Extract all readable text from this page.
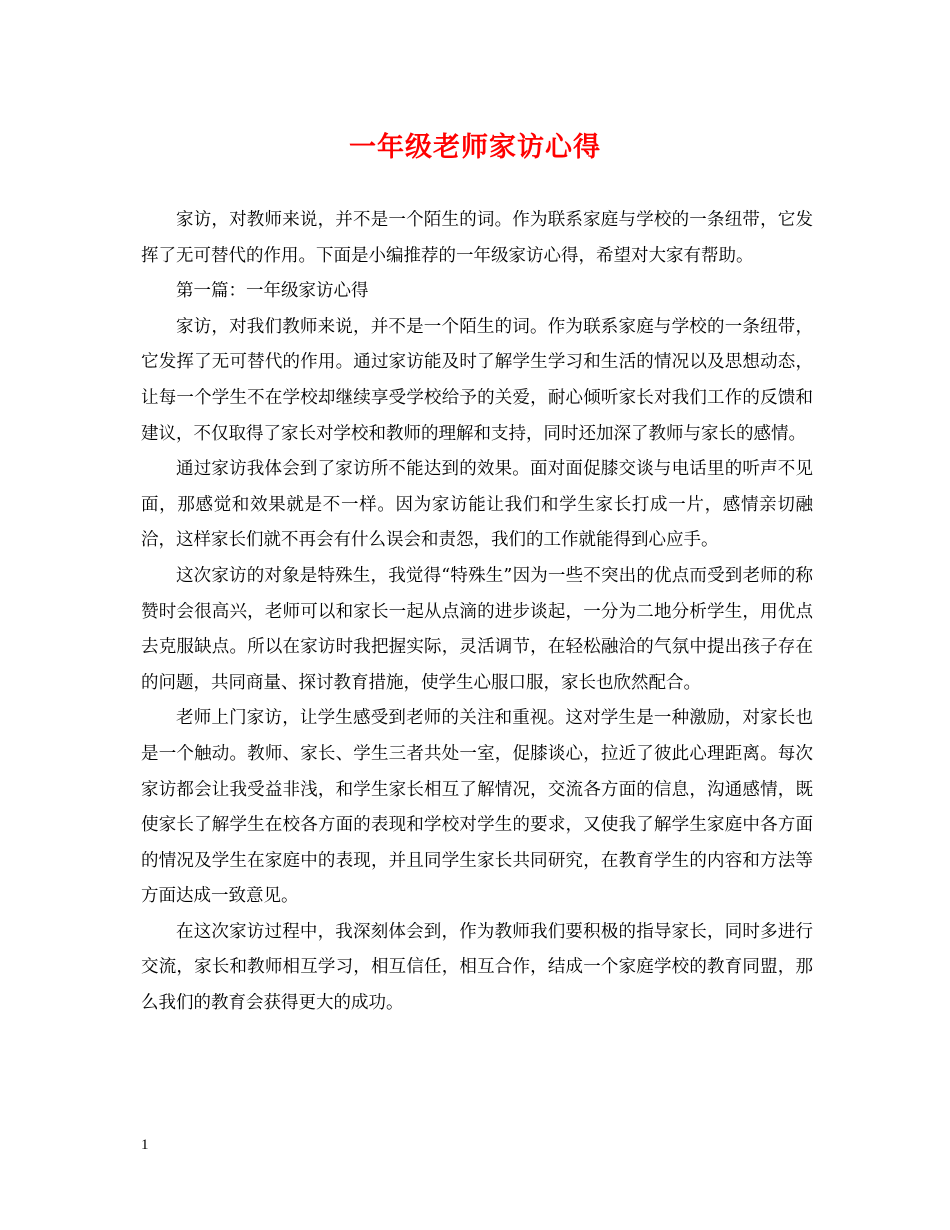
一年级老师家访心得

家访，对教师来说，并不是一个陌生的词。作为联系家庭与学校的一条纽带，它发挥了无可替代的作用。下面是小编推荐的一年级家访心得，希望对大家有帮助。

第一篇：一年级家访心得

家访，对我们教师来说，并不是一个陌生的词。作为联系家庭与学校的一条纽带，它发挥了无可替代的作用。通过家访能及时了解学生学习和生活的情况以及思想动态，让每一个学生不在学校却继续享受学校给予的关爱，耐心倾听家长对我们工作的反馈和建议，不仅取得了家长对学校和教师的理解和支持，同时还加深了教师与家长的感情。

通过家访我体会到了家访所不能达到的效果。面对面促膝交谈与电话里的听声不见面，那感觉和效果就是不一样。因为家访能让我们和学生家长打成一片，感情亲切融洽，这样家长们就不再会有什么误会和责怨，我们的工作就能得到心应手。

这次家访的对象是特殊生，我觉得“特殊生”因为一些不突出的优点而受到老师的称赞时会很高兴，老师可以和家长一起从点滴的进步谈起，一分为二地分析学生，用优点去克服缺点。所以在家访时我把握实际，灵活调节，在轻松融洽的气氛中提出孩子存在的问题，共同商量、探讨教育措施，使学生心服口服，家长也欣然配合。

老师上门家访，让学生感受到老师的关注和重视。这对学生是一种激励，对家长也是一个触动。教师、家长、学生三者共处一室，促膝谈心，拉近了彼此心理距离。每次家访都会让我受益非浅，和学生家长相互了解情况，交流各方面的信息，沟通感情，既使家长了解学生在校各方面的表现和学校对学生的要求，又使我了解学生家庭中各方面的情况及学生在家庭中的表现，并且同学生家长共同研究，在教育学生的内容和方法等方面达成一致意见。

在这次家访过程中，我深刻体会到，作为教师我们要积极的指导家长，同时多进行交流，家长和教师相互学习，相互信任，相互合作，结成一个家庭学校的教育同盟，那么我们的教育会获得更大的成功。

1
